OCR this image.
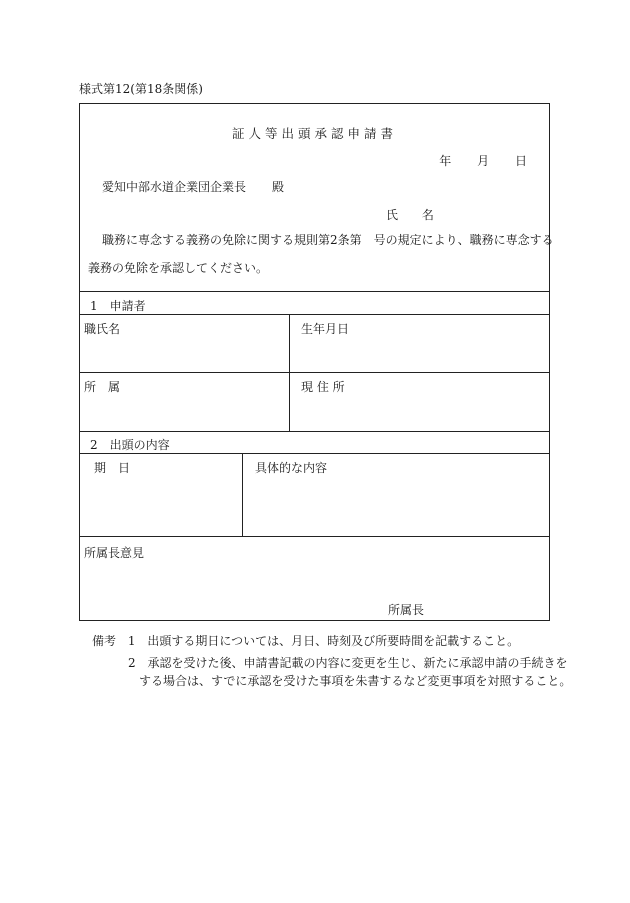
様式第12(第18条関係)
証人等出頭承認申請書
年 月 日
愛知中部水道企業団企業長 殿
氏 名
職務に専念する義務の免除に関する規則第2条第　号の規定により、職務に専念する
義務の免除を承認してください。
1　申請者
職氏名	生年月日
所　属	現 住 所
2　出頭の内容
期　日	具体的な内容
所属長意見
所属長
備考 1 出頭する期日については、月日、時刻及び所要時間を記載すること。
2 承認を受けた後、申請書記載の内容に変更を生じ、新たに承認申請の手続きを
する場合は、すでに承認を受けた事項を朱書するなど変更事項を対照すること。
